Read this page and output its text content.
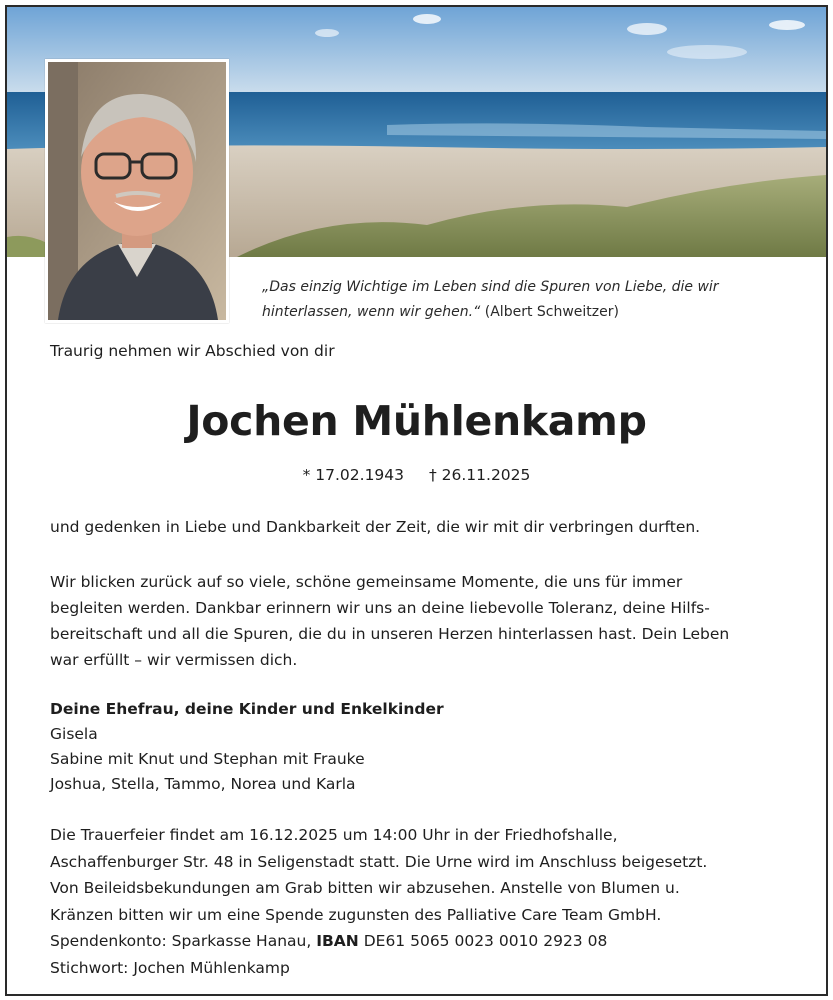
„Das einzig Wichtige im Leben sind die Spuren von Liebe, die wir
hinterlassen, wenn wir gehen.“ (Albert Schweitzer)
Traurig nehmen wir Abschied von dir
Jochen Mühlenkamp
* 17.02.1943 † 26.11.2025
und gedenken in Liebe und Dankbarkeit der Zeit, die wir mit dir verbringen durften.
Wir blicken zurück auf so viele, schöne gemeinsame Momente, die uns für immer
begleiten werden. Dankbar erinnern wir uns an deine liebevolle Toleranz, deine Hilfs-
bereitschaft und all die Spuren, die du in unseren Herzen hinterlassen hast. Dein Leben
war erfüllt – wir vermissen dich.
Deine Ehefrau, deine Kinder und Enkelkinder
Gisela
Sabine mit Knut und Stephan mit Frauke
Joshua, Stella, Tammo, Norea und Karla
Die Trauerfeier findet am 16.12.2025 um 14:00 Uhr in der Friedhofshalle,
Aschaffenburger Str. 48 in Seligenstadt statt. Die Urne wird im Anschluss beigesetzt.
Von Beileidsbekundungen am Grab bitten wir abzusehen. Anstelle von Blumen u.
Kränzen bitten wir um eine Spende zugunsten des Palliative Care Team GmbH.
Spendenkonto: Sparkasse Hanau, IBAN DE61 5065 0023 0010 2923 08
Stichwort: Jochen Mühlenkamp
